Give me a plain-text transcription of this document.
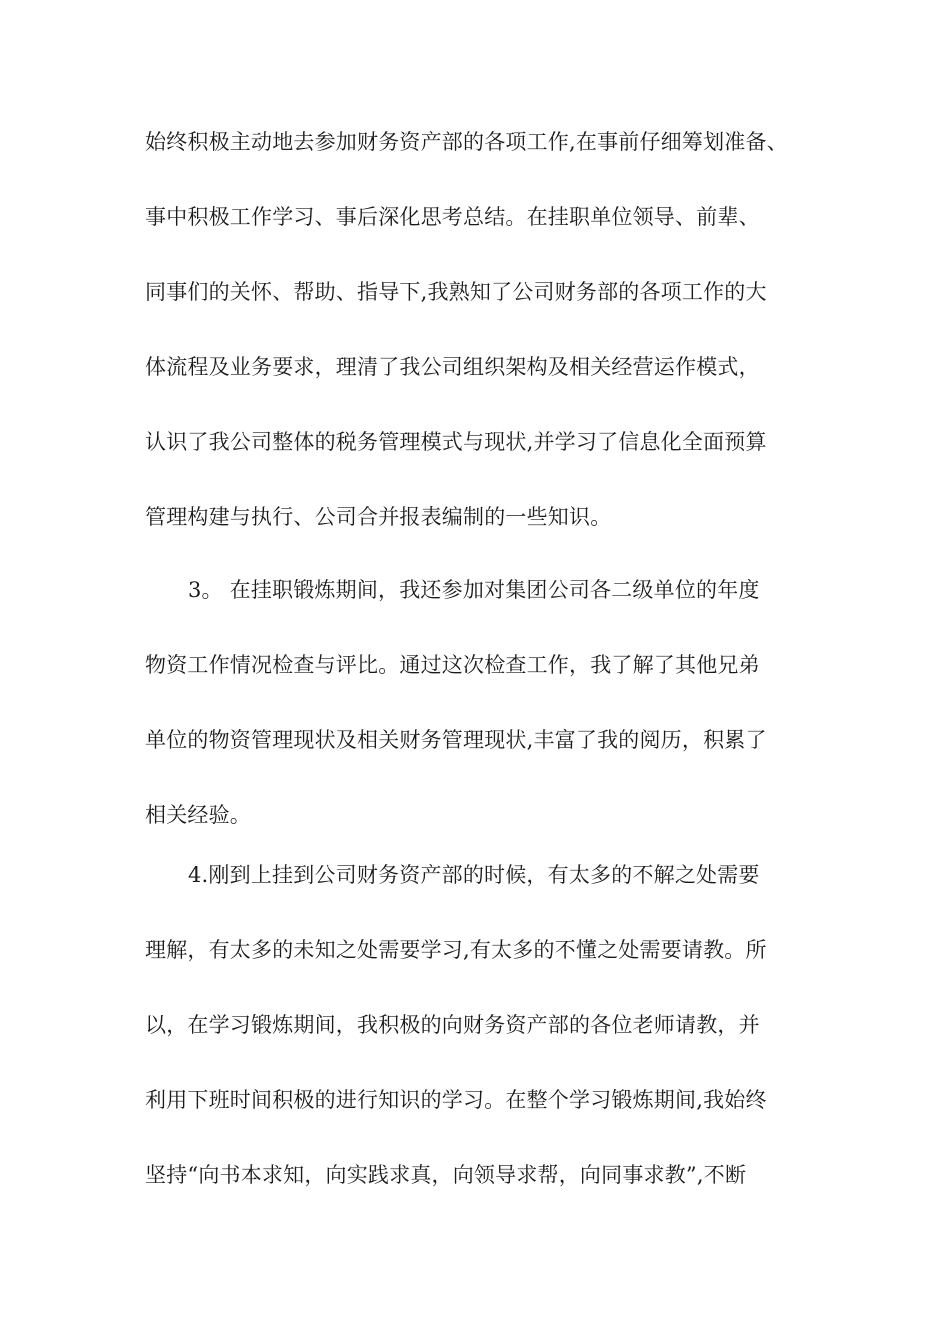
始终积极主动地去参加财务资产部的各项工作,在事前仔细筹划准备、
事中积极工作学习、事后深化思考总结。在挂职单位领导、前辈、
同事们的关怀、帮助、指导下,我熟知了公司财务部的各项工作的大
体流程及业务要求，理清了我公司组织架构及相关经营运作模式，
认识了我公司整体的税务管理模式与现状,并学习了信息化全面预算
管理构建与执行、公司合并报表编制的一些知识。
3。 在挂职锻炼期间，我还参加对集团公司各二级单位的年度
物资工作情况检查与评比。通过这次检查工作，我了解了其他兄弟
单位的物资管理现状及相关财务管理现状,丰富了我的阅历，积累了
相关经验。
4.刚到上挂到公司财务资产部的时候，有太多的不解之处需要
理解，有太多的未知之处需要学习,有太多的不懂之处需要请教。所
以，在学习锻炼期间，我积极的向财务资产部的各位老师请教，并
利用下班时间积极的进行知识的学习。在整个学习锻炼期间,我始终
坚持“向书本求知，向实践求真，向领导求帮，向同事求教”,不断
